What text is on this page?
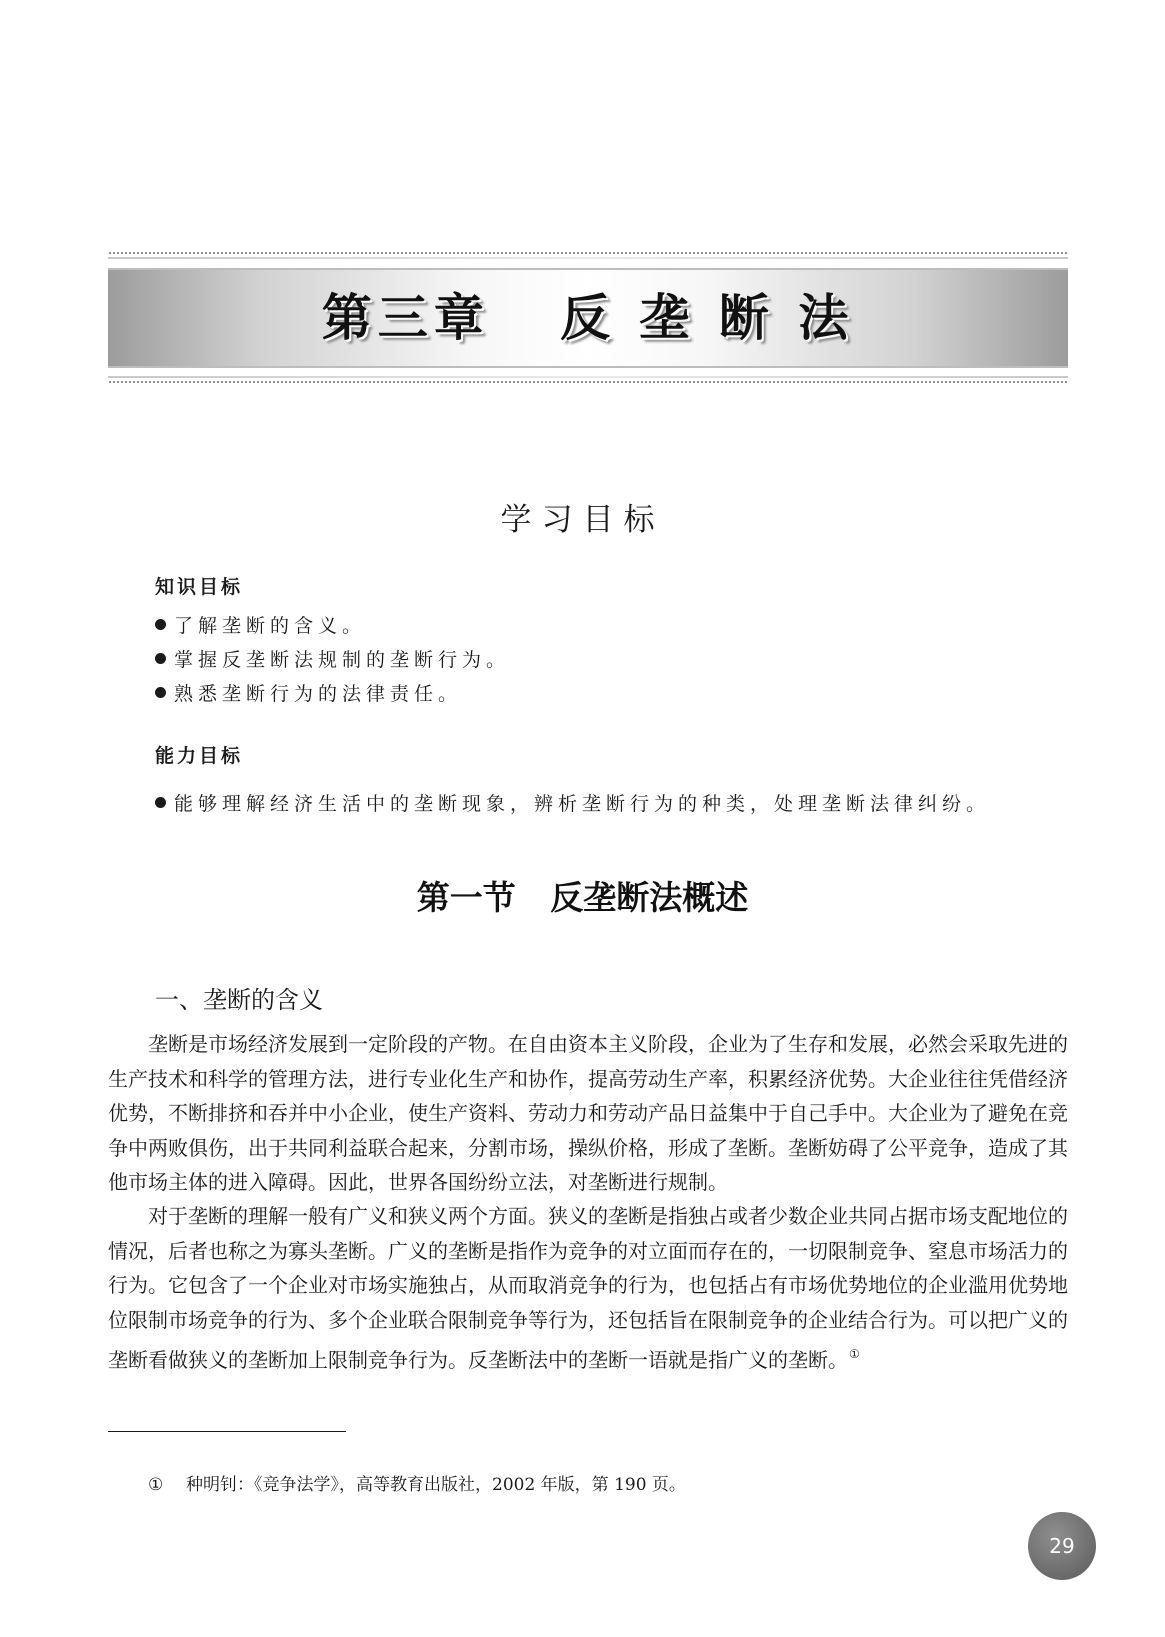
第三章   反 垄 断 法
学习目标
知识目标
了解垄断的含义。
掌握反垄断法规制的垄断行为。
熟悉垄断行为的法律责任。
能力目标
能够理解经济生活中的垄断现象，辨析垄断行为的种类，处理垄断法律纠纷。
第一节   反垄断法概述
一、垄断的含义

垄断是市场经济发展到一定阶段的产物。在自由资本主义阶段，企业为了生存和发展，必然会采取先进的生产技术和科学的管理方法，进行专业化生产和协作，提高劳动生产率，积累经济优势。大企业往往凭借经济优势，不断排挤和吞并中小企业，使生产资料、劳动力和劳动产品日益集中于自己手中。大企业为了避免在竞争中两败俱伤，出于共同利益联合起来，分割市场，操纵价格，形成了垄断。垄断妨碍了公平竞争，造成了其他市场主体的进入障碍。因此，世界各国纷纷立法，对垄断进行规制。

对于垄断的理解一般有广义和狭义两个方面。狭义的垄断是指独占或者少数企业共同占据市场支配地位的情况，后者也称之为寡头垄断。广义的垄断是指作为竞争的对立面而存在的，一切限制竞争、窒息市场活力的行为。它包含了一个企业对市场实施独占，从而取消竞争的行为，也包括占有市场优势地位的企业滥用优势地位限制市场竞争的行为、多个企业联合限制竞争等行为，还包括旨在限制竞争的企业结合行为。可以把广义的垄断看做狭义的垄断加上限制竞争行为。反垄断法中的垄断一语就是指广义的垄断。①

① 种明钊：《竞争法学》，高等教育出版社，2002 年版，第 190 页。
29
